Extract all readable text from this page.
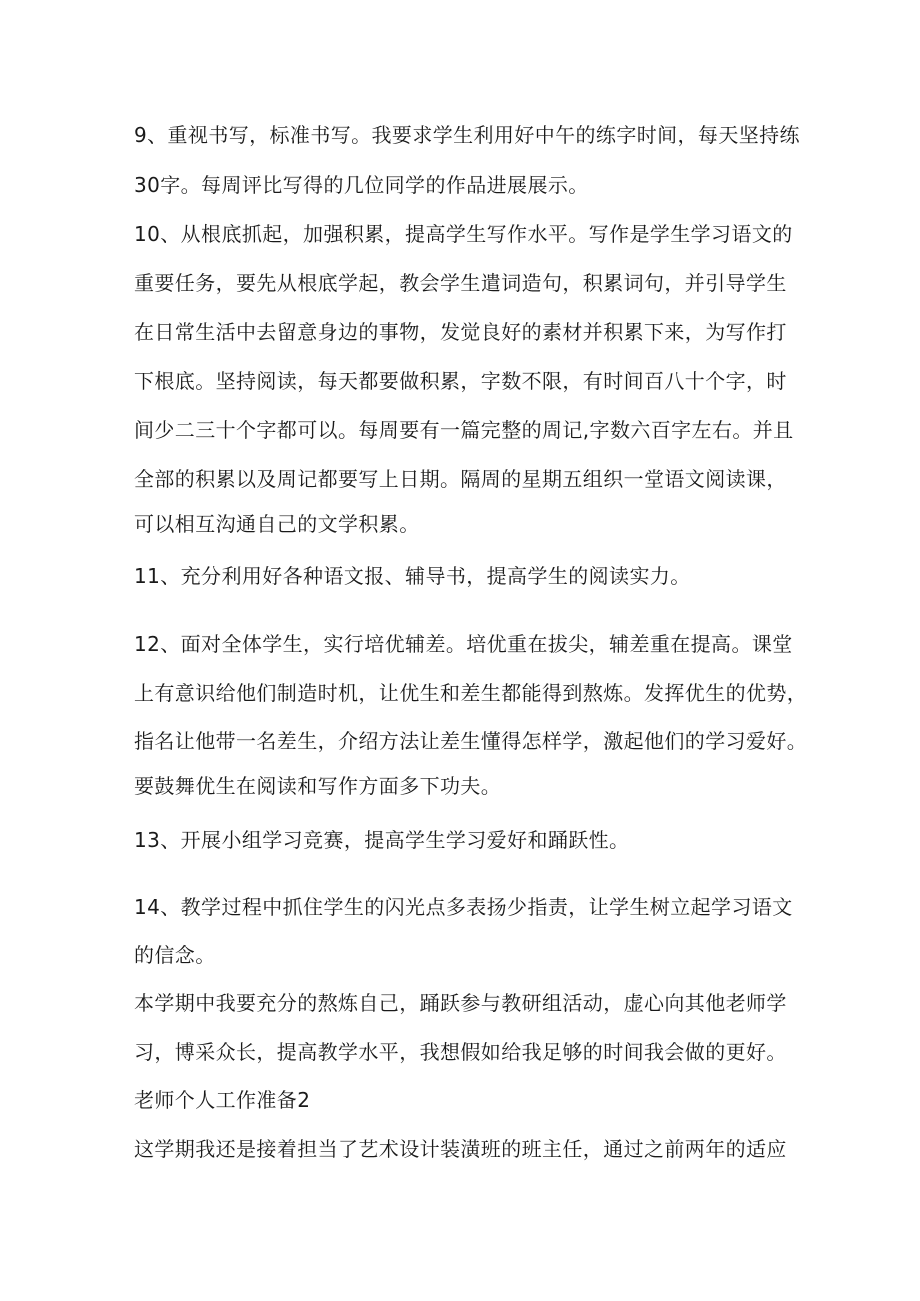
9、重视书写，标准书写。我要求学生利用好中午的练字时间，每天坚持练
30字。每周评比写得的几位同学的作品进展展示。
10、从根底抓起，加强积累，提高学生写作水平。写作是学生学习语文的
重要任务，要先从根底学起，教会学生遣词造句，积累词句，并引导学生
在日常生活中去留意身边的事物，发觉良好的素材并积累下来，为写作打
下根底。坚持阅读，每天都要做积累，字数不限，有时间百八十个字，时
间少二三十个字都可以。每周要有一篇完整的周记,字数六百字左右。并且
全部的积累以及周记都要写上日期。隔周的星期五组织一堂语文阅读课，
可以相互沟通自己的文学积累。
11、充分利用好各种语文报、辅导书，提高学生的阅读实力。
12、面对全体学生，实行培优辅差。培优重在拔尖，辅差重在提高。课堂
上有意识给他们制造时机，让优生和差生都能得到熬炼。发挥优生的优势，
指名让他带一名差生，介绍方法让差生懂得怎样学，激起他们的学习爱好。
要鼓舞优生在阅读和写作方面多下功夫。
13、开展小组学习竞赛，提高学生学习爱好和踊跃性。
14、教学过程中抓住学生的闪光点多表扬少指责，让学生树立起学习语文
的信念。
本学期中我要充分的熬炼自己，踊跃参与教研组活动，虚心向其他老师学
习，博采众长，提高教学水平，我想假如给我足够的时间我会做的更好。
老师个人工作准备2
这学期我还是接着担当了艺术设计装潢班的班主任，通过之前两年的适应
